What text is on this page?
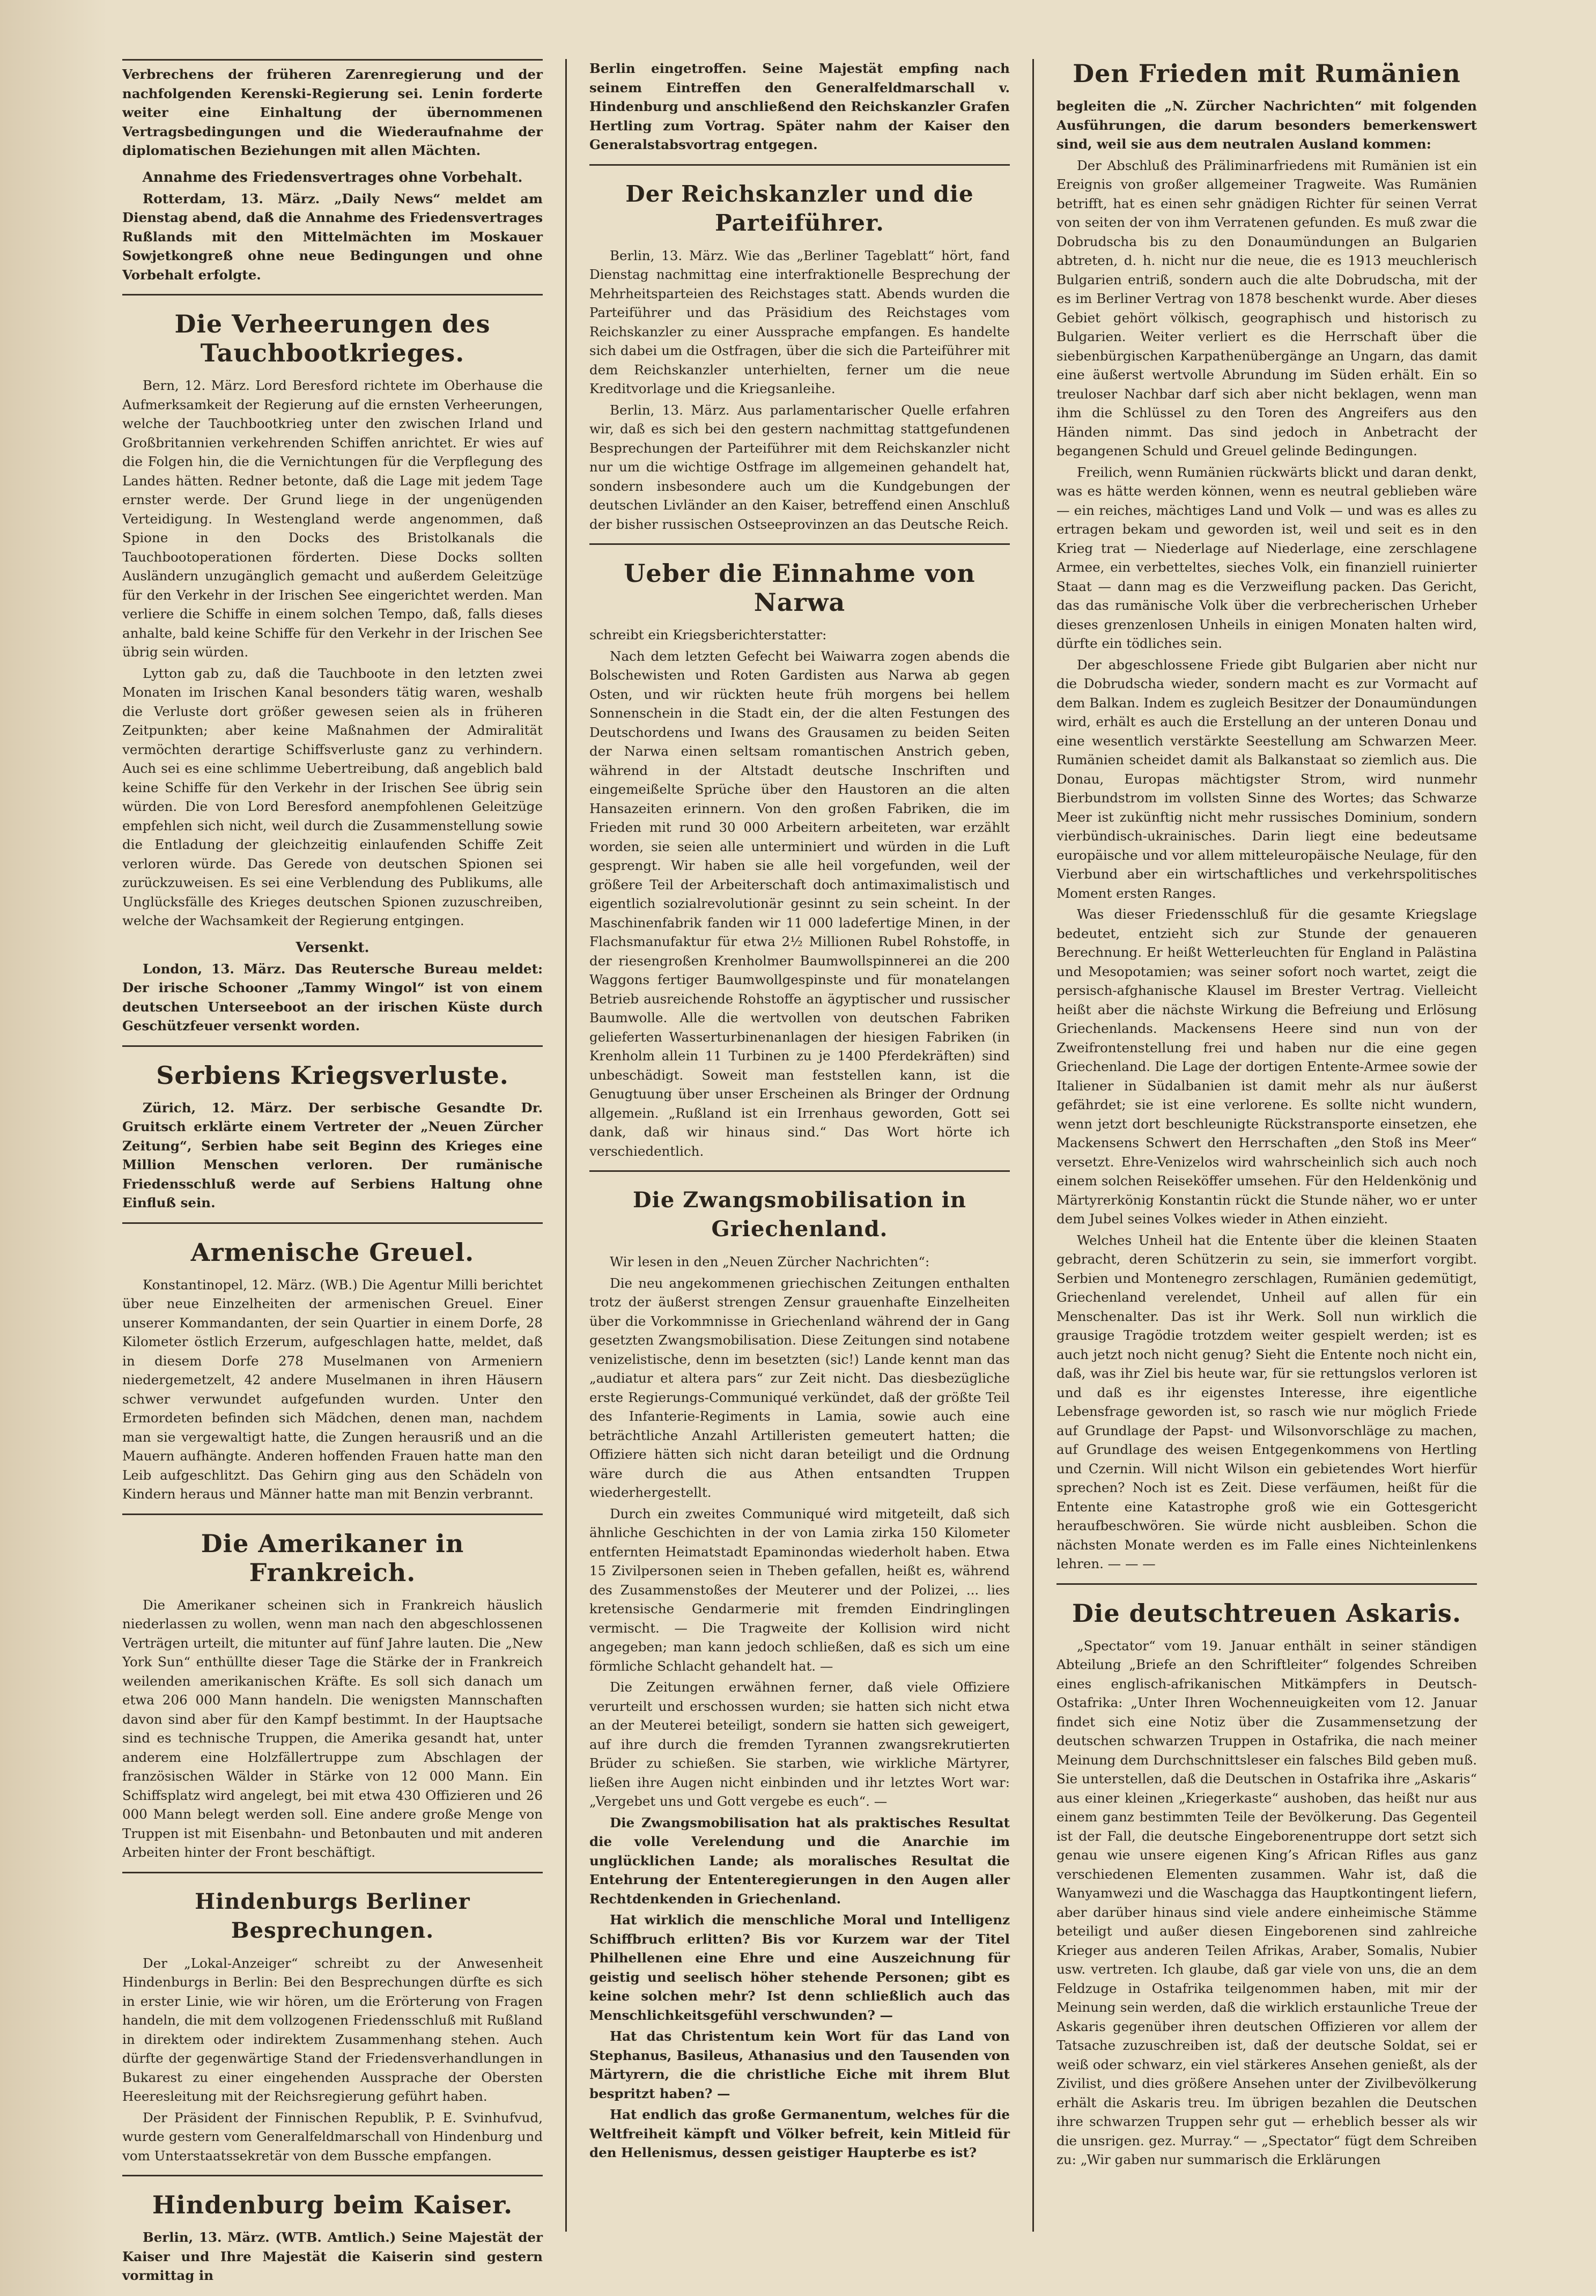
Verbrechens der früheren Zarenregierung und der nachfolgenden Kerenski-Regierung sei. Lenin forderte weiter eine Einhaltung der übernommenen Vertragsbedingungen und die Wiederaufnahme der diplomatischen Beziehungen mit allen Mächten.

Annahme des Friedensvertrages ohne Vorbehalt.

Rotterdam, 13. März. „Daily News“ meldet am Dienstag abend, daß die Annahme des Friedensvertrages Rußlands mit den Mittelmächten im Moskauer Sowjetkongreß ohne neue Bedingungen und ohne Vorbehalt erfolgte.

Die Verheerungen des Tauchbootkrieges.

Bern, 12. März. Lord Beresford richtete im Oberhause die Aufmerksamkeit der Regierung auf die ernsten Verheerungen, welche der Tauchbootkrieg unter den zwischen Irland und Großbritannien verkehrenden Schiffen anrichtet. Er wies auf die Folgen hin, die die Vernichtungen für die Verpflegung des Landes hätten. Redner betonte, daß die Lage mit jedem Tage ernster werde. Der Grund liege in der ungenügenden Verteidigung. In Westengland werde angenommen, daß Spione in den Docks des Bristolkanals die Tauchbootoperationen förderten. Diese Docks sollten Ausländern unzugänglich gemacht und außerdem Geleitzüge für den Verkehr in der Irischen See eingerichtet werden. Man verliere die Schiffe in einem solchen Tempo, daß, falls dieses anhalte, bald keine Schiffe für den Verkehr in der Irischen See übrig sein würden.

Lytton gab zu, daß die Tauchboote in den letzten zwei Monaten im Irischen Kanal besonders tätig waren, weshalb die Verluste dort größer gewesen seien als in früheren Zeitpunkten; aber keine Maßnahmen der Admiralität vermöchten derartige Schiffsverluste ganz zu verhindern. Auch sei es eine schlimme Uebertreibung, daß angeblich bald keine Schiffe für den Verkehr in der Irischen See übrig sein würden. Die von Lord Beresford anempfohlenen Geleitzüge empfehlen sich nicht, weil durch die Zusammenstellung sowie die Entladung der gleichzeitig einlaufenden Schiffe Zeit verloren würde. Das Gerede von deutschen Spionen sei zurückzuweisen. Es sei eine Verblendung des Publikums, alle Unglücksfälle des Krieges deutschen Spionen zuzuschreiben, welche der Wachsamkeit der Regierung entgingen.

Versenkt.

London, 13. März. Das Reutersche Bureau meldet: Der irische Schooner „Tammy Wingol“ ist von einem deutschen Unterseeboot an der irischen Küste durch Geschützfeuer versenkt worden.

Serbiens Kriegsverluste.

Zürich, 12. März. Der serbische Gesandte Dr. Gruitsch erklärte einem Vertreter der „Neuen Zürcher Zeitung“, Serbien habe seit Beginn des Krieges eine Million Menschen verloren. Der rumänische Friedensschluß werde auf Serbiens Haltung ohne Einfluß sein.

Armenische Greuel.

Konstantinopel, 12. März. (WB.) Die Agentur Milli berichtet über neue Einzelheiten der armenischen Greuel. Einer unserer Kommandanten, der sein Quartier in einem Dorfe, 28 Kilometer östlich Erzerum, aufgeschlagen hatte, meldet, daß in diesem Dorfe 278 Muselmanen von Armeniern niedergemetzelt, 42 andere Muselmanen in ihren Häusern schwer verwundet aufgefunden wurden. Unter den Ermordeten befinden sich Mädchen, denen man, nachdem man sie vergewaltigt hatte, die Zungen herausriß und an die Mauern aufhängte. Anderen hoffenden Frauen hatte man den Leib aufgeschlitzt. Das Gehirn ging aus den Schädeln von Kindern heraus und Männer hatte man mit Benzin verbrannt.

Die Amerikaner in Frankreich.

Die Amerikaner scheinen sich in Frankreich häuslich niederlassen zu wollen, wenn man nach den abgeschlossenen Verträgen urteilt, die mitunter auf fünf Jahre lauten. Die „New York Sun“ enthüllte dieser Tage die Stärke der in Frankreich weilenden amerikanischen Kräfte. Es soll sich danach um etwa 206 000 Mann handeln. Die wenigsten Mannschaften davon sind aber für den Kampf bestimmt. In der Hauptsache sind es technische Truppen, die Amerika gesandt hat, unter anderem eine Holzfällertruppe zum Abschlagen der französischen Wälder in Stärke von 12 000 Mann. Ein Schiffsplatz wird angelegt, bei mit etwa 430 Offizieren und 26 000 Mann belegt werden soll. Eine andere große Menge von Truppen ist mit Eisenbahn- und Betonbauten und mit anderen Arbeiten hinter der Front beschäftigt.

Hindenburgs Berliner Besprechungen.

Der „Lokal-Anzeiger“ schreibt zu der Anwesenheit Hindenburgs in Berlin: Bei den Besprechungen dürfte es sich in erster Linie, wie wir hören, um die Erörterung von Fragen handeln, die mit dem vollzogenen Friedensschluß mit Rußland in direktem oder indirektem Zusammenhang stehen. Auch dürfte der gegenwärtige Stand der Friedensverhandlungen in Bukarest zu einer eingehenden Aussprache der Obersten Heeresleitung mit der Reichsregierung geführt haben.

Der Präsident der Finnischen Republik, P. E. Svinhufvud, wurde gestern vom Generalfeldmarschall von Hindenburg und vom Unterstaatssekretär von dem Bussche empfangen.

Hindenburg beim Kaiser.

Berlin, 13. März. (WTB. Amtlich.) Seine Majestät der Kaiser und Ihre Majestät die Kaiserin sind gestern vormittag in

Berlin eingetroffen. Seine Majestät empfing nach seinem Eintreffen den Generalfeldmarschall v. Hindenburg und anschließend den Reichskanzler Grafen Hertling zum Vortrag. Später nahm der Kaiser den Generalstabsvortrag entgegen.

Der Reichskanzler und die Parteiführer.

Berlin, 13. März. Wie das „Berliner Tageblatt“ hört, fand Dienstag nachmittag eine interfraktionelle Besprechung der Mehrheitsparteien des Reichstages statt. Abends wurden die Parteiführer und das Präsidium des Reichstages vom Reichskanzler zu einer Aussprache empfangen. Es handelte sich dabei um die Ostfragen, über die sich die Parteiführer mit dem Reichskanzler unterhielten, ferner um die neue Kreditvorlage und die Kriegsanleihe.

Berlin, 13. März. Aus parlamentarischer Quelle erfahren wir, daß es sich bei den gestern nachmittag stattgefundenen Besprechungen der Parteiführer mit dem Reichskanzler nicht nur um die wichtige Ostfrage im allgemeinen gehandelt hat, sondern insbesondere auch um die Kundgebungen der deutschen Livländer an den Kaiser, betreffend einen Anschluß der bisher russischen Ostseeprovinzen an das Deutsche Reich.

Ueber die Einnahme von Narwa

schreibt ein Kriegsberichterstatter:

Nach dem letzten Gefecht bei Waiwarra zogen abends die Bolschewisten und Roten Gardisten aus Narwa ab gegen Osten, und wir rückten heute früh morgens bei hellem Sonnenschein in die Stadt ein, der die alten Festungen des Deutschordens und Iwans des Grausamen zu beiden Seiten der Narwa einen seltsam romantischen Anstrich geben, während in der Altstadt deutsche Inschriften und eingemeißelte Sprüche über den Haustoren an die alten Hansazeiten erinnern. Von den großen Fabriken, die im Frieden mit rund 30 000 Arbeitern arbeiteten, war erzählt worden, sie seien alle unterminiert und würden in die Luft gesprengt. Wir haben sie alle heil vorgefunden, weil der größere Teil der Arbeiterschaft doch antimaximalistisch und eigentlich sozialrevolutionär gesinnt zu sein scheint. In der Maschinenfabrik fanden wir 11 000 ladefertige Minen, in der Flachsmanufaktur für etwa 2½ Millionen Rubel Rohstoffe, in der riesengroßen Krenholmer Baumwollspinnerei an die 200 Waggons fertiger Baumwollgespinste und für monatelangen Betrieb ausreichende Rohstoffe an ägyptischer und russischer Baumwolle. Alle die wertvollen von deutschen Fabriken gelieferten Wasserturbinenanlagen der hiesigen Fabriken (in Krenholm allein 11 Turbinen zu je 1400 Pferdekräften) sind unbeschädigt. Soweit man feststellen kann, ist die Genugtuung über unser Erscheinen als Bringer der Ordnung allgemein. „Rußland ist ein Irrenhaus geworden, Gott sei dank, daß wir hinaus sind.“ Das Wort hörte ich verschiedentlich.

Die Zwangsmobilisation in Griechenland.

Wir lesen in den „Neuen Zürcher Nachrichten“:

Die neu angekommenen griechischen Zeitungen enthalten trotz der äußerst strengen Zensur grauenhafte Einzelheiten über die Vorkommnisse in Griechenland während der in Gang gesetzten Zwangsmobilisation. Diese Zeitungen sind notabene venizelistische, denn im besetzten (sic!) Lande kennt man das „audiatur et altera pars“ zur Zeit nicht. Das diesbezügliche erste Regierungs-Communiqué verkündet, daß der größte Teil des Infanterie-Regiments in Lamia, sowie auch eine beträchtliche Anzahl Artilleristen gemeutert hatten; die Offiziere hätten sich nicht daran beteiligt und die Ordnung wäre durch die aus Athen entsandten Truppen wiederhergestellt.

Durch ein zweites Communiqué wird mitgeteilt, daß sich ähnliche Geschichten in der von Lamia zirka 150 Kilometer entfernten Heimatstadt Epaminondas wiederholt haben. Etwa 15 Zivilpersonen seien in Theben gefallen, heißt es, während des Zusammenstoßes der Meuterer und der Polizei, ... lies kretensische Gendarmerie mit fremden Eindringlingen vermischt. — Die Tragweite der Kollision wird nicht angegeben; man kann jedoch schließen, daß es sich um eine förmliche Schlacht gehandelt hat. —

Die Zeitungen erwähnen ferner, daß viele Offiziere verurteilt und erschossen wurden; sie hatten sich nicht etwa an der Meuterei beteiligt, sondern sie hatten sich geweigert, auf ihre durch die fremden Tyrannen zwangsrekrutierten Brüder zu schießen. Sie starben, wie wirkliche Märtyrer, ließen ihre Augen nicht einbinden und ihr letztes Wort war: „Vergebet uns und Gott vergebe es euch“. —

Die Zwangsmobilisation hat als praktisches Resultat die volle Verelendung und die Anarchie im unglücklichen Lande; als moralisches Resultat die Entehrung der Ententeregierungen in den Augen aller Rechtdenkenden in Griechenland.

Hat wirklich die menschliche Moral und Intelligenz Schiffbruch erlitten? Bis vor Kurzem war der Titel Philhellenen eine Ehre und eine Auszeichnung für geistig und seelisch höher stehende Personen; gibt es keine solchen mehr? Ist denn schließlich auch das Menschlichkeitsgefühl verschwunden? —

Hat das Christentum kein Wort für das Land von Stephanus, Basileus, Athanasius und den Tausenden von Märtyrern, die die christliche Eiche mit ihrem Blut bespritzt haben? —

Hat endlich das große Germanentum, welches für die Weltfreiheit kämpft und Völker befreit, kein Mitleid für den Hellenismus, dessen geistiger Haupterbe es ist?

Den Frieden mit Rumänien

begleiten die „N. Zürcher Nachrichten“ mit folgenden Ausführungen, die darum besonders bemerkenswert sind, weil sie aus dem neutralen Ausland kommen:

Der Abschluß des Präliminarfriedens mit Rumänien ist ein Ereignis von großer allgemeiner Tragweite. Was Rumänien betrifft, hat es einen sehr gnädigen Richter für seinen Verrat von seiten der von ihm Verratenen gefunden. Es muß zwar die Dobrudscha bis zu den Donaumündungen an Bulgarien abtreten, d. h. nicht nur die neue, die es 1913 meuchlerisch Bulgarien entriß, sondern auch die alte Dobrudscha, mit der es im Berliner Vertrag von 1878 beschenkt wurde. Aber dieses Gebiet gehört völkisch, geographisch und historisch zu Bulgarien. Weiter verliert es die Herrschaft über die siebenbürgischen Karpathenübergänge an Ungarn, das damit eine äußerst wertvolle Abrundung im Süden erhält. Ein so treuloser Nachbar darf sich aber nicht beklagen, wenn man ihm die Schlüssel zu den Toren des Angreifers aus den Händen nimmt. Das sind jedoch in Anbetracht der begangenen Schuld und Greuel gelinde Bedingungen.

Freilich, wenn Rumänien rückwärts blickt und daran denkt, was es hätte werden können, wenn es neutral geblieben wäre — ein reiches, mächtiges Land und Volk — und was es alles zu ertragen bekam und geworden ist, weil und seit es in den Krieg trat — Niederlage auf Niederlage, eine zerschlagene Armee, ein verbetteltes, sieches Volk, ein finanziell ruinierter Staat — dann mag es die Verzweiflung packen. Das Gericht, das das rumänische Volk über die verbrecherischen Urheber dieses grenzenlosen Unheils in einigen Monaten halten wird, dürfte ein tödliches sein.

Der abgeschlossene Friede gibt Bulgarien aber nicht nur die Dobrudscha wieder, sondern macht es zur Vormacht auf dem Balkan. Indem es zugleich Besitzer der Donaumündungen wird, erhält es auch die Erstellung an der unteren Donau und eine wesentlich verstärkte Seestellung am Schwarzen Meer. Rumänien scheidet damit als Balkanstaat so ziemlich aus. Die Donau, Europas mächtigster Strom, wird nunmehr Bierbundstrom im vollsten Sinne des Wortes; das Schwarze Meer ist zukünftig nicht mehr russisches Dominium, sondern vierbündisch-ukrainisches. Darin liegt eine bedeutsame europäische und vor allem mitteleuropäische Neulage, für den Vierbund aber ein wirtschaftliches und verkehrspolitisches Moment ersten Ranges.

Was dieser Friedensschluß für die gesamte Kriegslage bedeutet, entzieht sich zur Stunde der genaueren Berechnung. Er heißt Wetterleuchten für England in Palästina und Mesopotamien; was seiner sofort noch wartet, zeigt die persisch-afghanische Klausel im Brester Vertrag. Vielleicht heißt aber die nächste Wirkung die Befreiung und Erlösung Griechenlands. Mackensens Heere sind nun von der Zweifrontenstellung frei und haben nur die eine gegen Griechenland. Die Lage der dortigen Entente-Armee sowie der Italiener in Südalbanien ist damit mehr als nur äußerst gefährdet; sie ist eine verlorene. Es sollte nicht wundern, wenn jetzt dort beschleunigte Rückstransporte einsetzen, ehe Mackensens Schwert den Herrschaften „den Stoß ins Meer“ versetzt. Ehre-Venizelos wird wahrscheinlich sich auch noch einem solchen Reiseköffer umsehen. Für den Heldenkönig und Märtyrerkönig Konstantin rückt die Stunde näher, wo er unter dem Jubel seines Volkes wieder in Athen einzieht.

Welches Unheil hat die Entente über die kleinen Staaten gebracht, deren Schützerin zu sein, sie immerfort vorgibt. Serbien und Montenegro zerschlagen, Rumänien gedemütigt, Griechenland verelendet, Unheil auf allen für ein Menschenalter. Das ist ihr Werk. Soll nun wirklich die grausige Tragödie trotzdem weiter gespielt werden; ist es auch jetzt noch nicht genug? Sieht die Entente noch nicht ein, daß, was ihr Ziel bis heute war, für sie rettungslos verloren ist und daß es ihr eigenstes Interesse, ihre eigentliche Lebensfrage geworden ist, so rasch wie nur möglich Friede auf Grundlage der Papst- und Wilsonvorschläge zu machen, auf Grundlage des weisen Entgegenkommens von Hertling und Czernin. Will nicht Wilson ein gebietendes Wort hierfür sprechen? Noch ist es Zeit. Diese verfäumen, heißt für die Entente eine Katastrophe groß wie ein Gottesgericht heraufbeschwören. Sie würde nicht ausbleiben. Schon die nächsten Monate werden es im Falle eines Nichteinlenkens lehren. — — —

Die deutschtreuen Askaris.

„Spectator“ vom 19. Januar enthält in seiner ständigen Abteilung „Briefe an den Schriftleiter“ folgendes Schreiben eines englisch-afrikanischen Mitkämpfers in Deutsch-Ostafrika: „Unter Ihren Wochenneuigkeiten vom 12. Januar findet sich eine Notiz über die Zusammensetzung der deutschen schwarzen Truppen in Ostafrika, die nach meiner Meinung dem Durchschnittsleser ein falsches Bild geben muß. Sie unterstellen, daß die Deutschen in Ostafrika ihre „Askaris“ aus einer kleinen „Kriegerkaste“ aushoben, das heißt nur aus einem ganz bestimmten Teile der Bevölkerung. Das Gegenteil ist der Fall, die deutsche Eingeborenentruppe dort setzt sich genau wie unsere eigenen King’s African Rifles aus ganz verschiedenen Elementen zusammen. Wahr ist, daß die Wanyamwezi und die Waschagga das Hauptkontingent liefern, aber darüber hinaus sind viele andere einheimische Stämme beteiligt und außer diesen Eingeborenen sind zahlreiche Krieger aus anderen Teilen Afrikas, Araber, Somalis, Nubier usw. vertreten. Ich glaube, daß gar viele von uns, die an dem Feldzuge in Ostafrika teilgenommen haben, mit mir der Meinung sein werden, daß die wirklich erstaunliche Treue der Askaris gegenüber ihren deutschen Offizieren vor allem der Tatsache zuzuschreiben ist, daß der deutsche Soldat, sei er weiß oder schwarz, ein viel stärkeres Ansehen genießt, als der Zivilist, und dies größere Ansehen unter der Zivilbevölkerung erhält die Askaris treu. Im übrigen bezahlen die Deutschen ihre schwarzen Truppen sehr gut — erheblich besser als wir die unsrigen. gez. Murray.“ — „Spectator“ fügt dem Schreiben zu: „Wir gaben nur summarisch die Erklärungen
